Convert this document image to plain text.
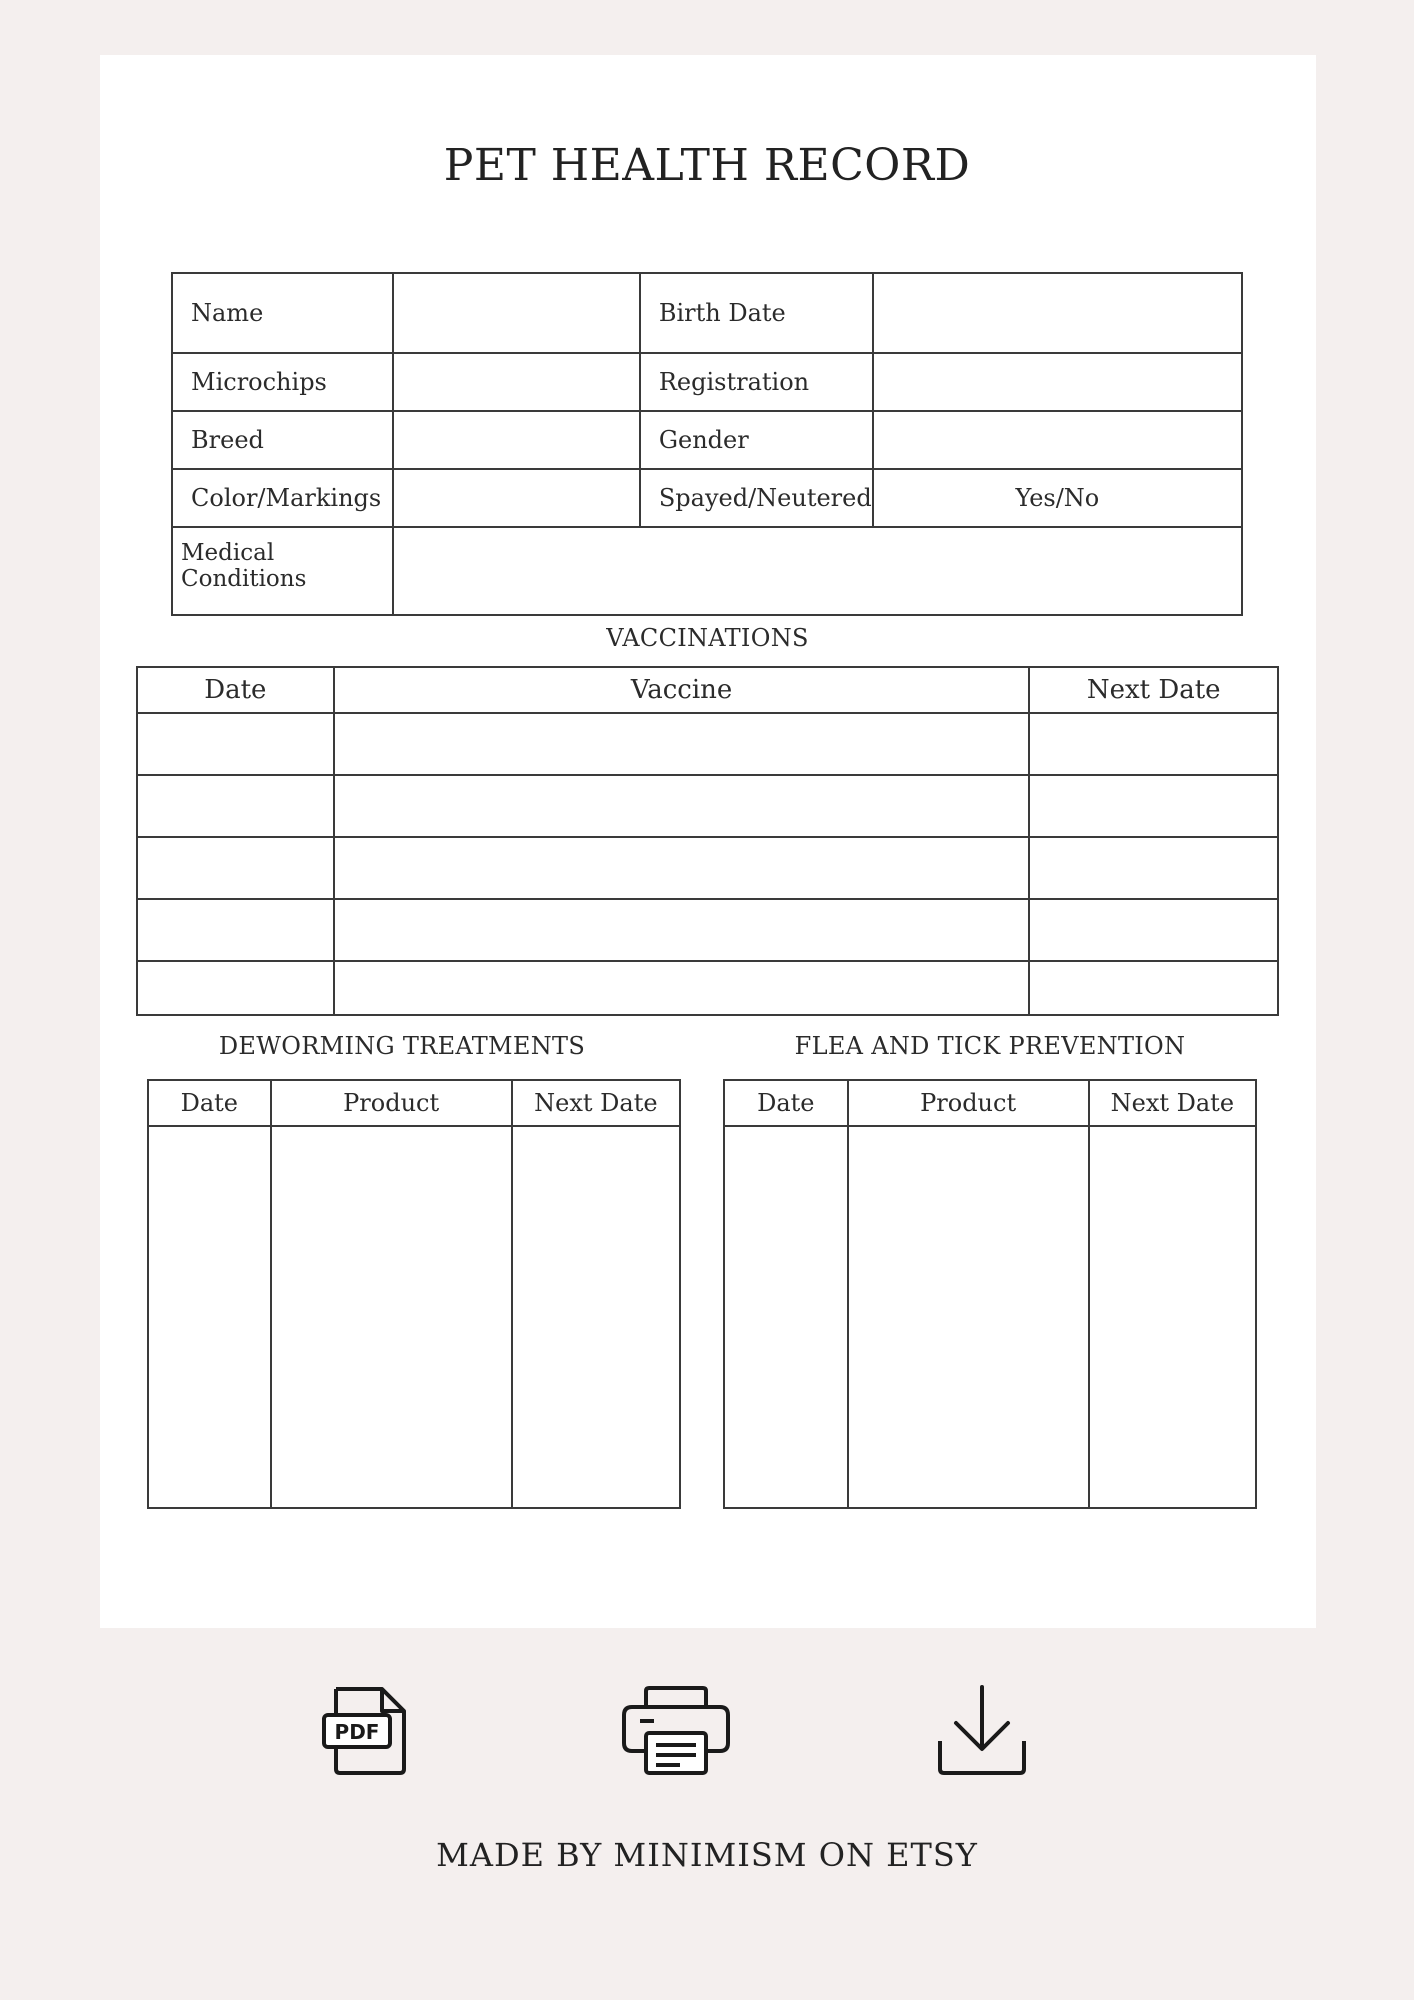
PET HEALTH RECORD
Name		Birth Date	
Microchips		Registration	
Breed		Gender	
Color/Markings		Spayed/Neutered	Yes/No
Medical Conditions			
VACCINATIONS
Date	Vaccine	Next Date

DEWORMING TREATMENTS	FLEA AND TICK PREVENTION
Date	Product	Next Date
			Date	Product	Next Date

PDF
MADE BY MINIMISM ON ETSY
